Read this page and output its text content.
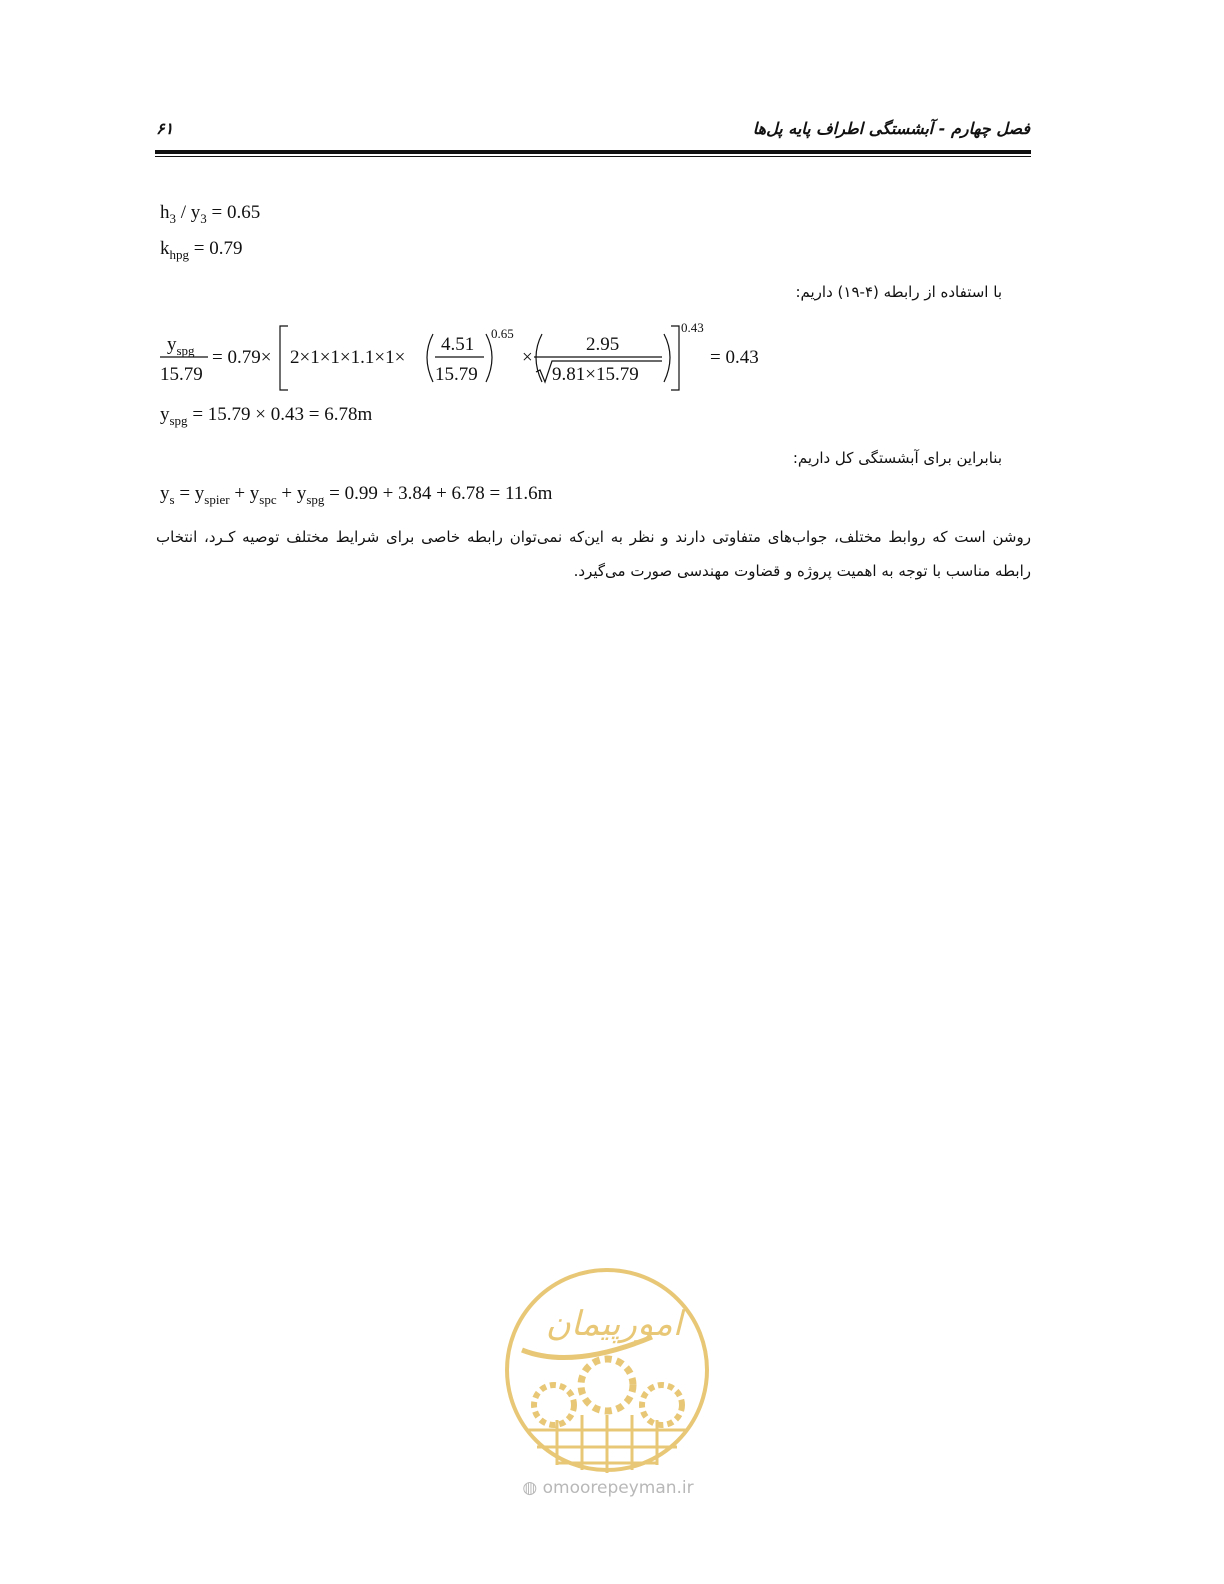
فصل چهارم - آبشستگی اطراف پایه پل‌ها
۶۱
$h_3 / y_3 = 0.65$
$k_{hpg} = 0.79$
با استفاده از رابطه (۴-۱۹) داریم:
$y_{spg}$
15.79
= 0.79× 2×1×1×1.1×1×
4.51
15.79
0.65
×
2.95
9.81×15.79
0.43
= 0.43
$y_{spg} = 15.79 \times 0.43 = 6.78m$
بنابراین برای آبشستگی کل داریم:
$y_s = y_{spier} + y_{spc} + y_{spg} = 0.99 + 3.84 + 6.78 = 11.6m$
روشن است که روابط مختلف، جواب‌های متفاوتی دارند و نظر به این‌که نمی‌توان رابطه خاصی برای شرایط مختلف توصیه کـرد، انتخاب رابطه مناسب با توجه به اهمیت پروژه و قضاوت مهندسی صورت می‌گیرد.
امورپیمان
◍ omoorepeyman.ir
